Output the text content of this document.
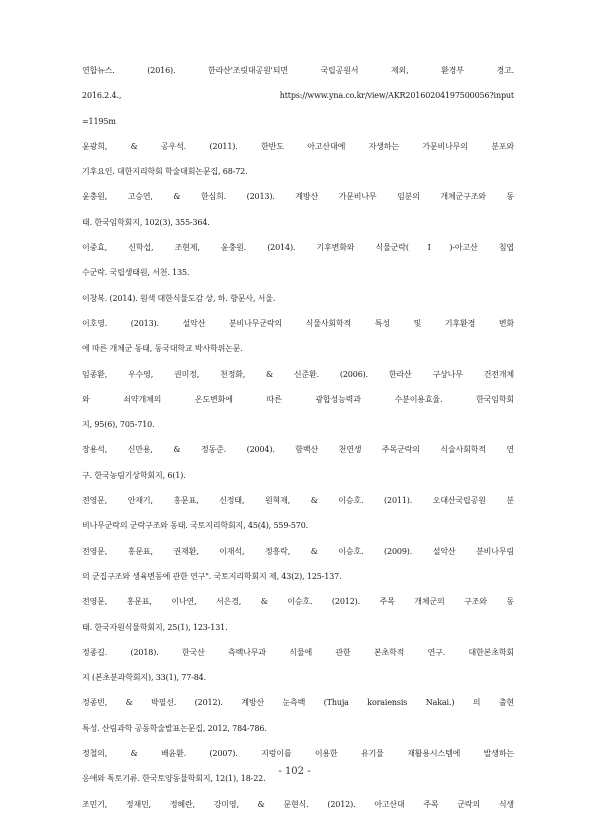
연합뉴스. (2016). 한라산'조릿대공원'되면 국립공원서 제외, 환경부 경고.
2016.2.4., https://www.yna.co.kr/view/AKR20160204197500056?input
=1195m
윤광희, & 공우석. (2011). 한반도 아고산대에 자생하는 가문비나무의 분포와
기후요인. 대한지리학회 학술대회논문집, 68-72.
윤충원, 고승연, & 한심희. (2013). 계방산 가문비나무 임분의 개체군구조와 동
태. 한국임학회지, 102(3), 355-364.
이중효, 신학섭, 조현제, 윤충원. (2014). 기후변화와 식물군락(Ⅰ)-아고산 침엽
수군락. 국립생태원, 서천. 135.
이창복. (2014). 원색 대한식물도감 상, 하. 향문사, 서울.
이호영. (2013). 설악산 분비나무군락의 식물사회학적 특성 및 기후환경 변화
에 따른 개체군 동태, 동국대학교 박사학위논문.
임종환, 우수영, 권미정, 천정화, & 신준환. (2006). 한라산 구상나무 건전개체
와 쇠약개체의 온도변화에 따른 광합성능력과 수분이용효율. 한국임학회
지, 95(6), 705-710.
장용석, 신만용, & 정동준. (2004). 함백산 천연생 주목군락의 식술사회학적 연
구. 한국농림기상학회지, 6(1).
전영문, 안재기, 홍문표, 신정태, 원혁재, & 이승호. (2011). 오대산국립공원 분
비나무군락의 군락구조와 동태. 국토지리학회지, 45(4), 559-570.
전영문, 홍문표, 권재환, 이재석, 정흥락, & 이승호. (2009). 설악산 분비나무림
의 군집구조와 생육변동에 관한 연구". 국토지리학회지 제, 43(2), 125-137.
전영문, 홍문표, 이나연, 서은경, & 이승호. (2012). 주목 개체군의 구조와 동
태. 한국자원식물학회지, 25(1), 123-131.
정종길. (2018). 한국산 측백나무과 식물에 관한 본초학적 연구. 대한본초학회
지 (본초분과학회지), 33(1), 77-84.
정종빈, & 박필선. (2012). 계방산 눈측백 (Thuja koraiensis Nakai.) 의 출현
특성. 산림과학 공동학술발표논문집, 2012, 784-786.
정철의, & 배윤환. (2007). 지렁이를 이용한 유기물 재활용시스템에 발생하는
응애와 톡토기류. 한국토양동물학회지, 12(1), 18-22.
조민기, 정재민, 정혜란, 강미영, & 문현식. (2012). 아고산대 주목 군락의 식생
- 102 -
